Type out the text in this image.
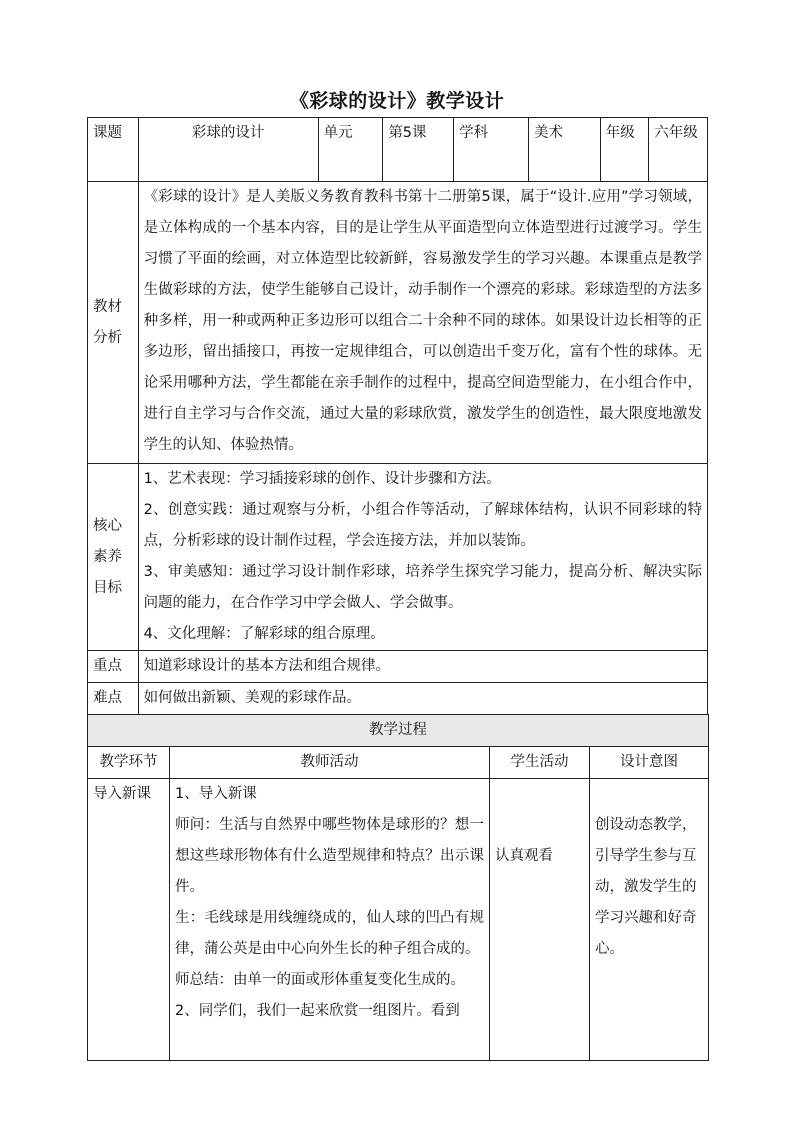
《彩球的设计》教学设计
课题	彩球的设计	单元	第5课	学科	美术	年级	六年级
教材分析	《彩球的设计》是人美版义务教育教科书第十二册第5课，属于“设计.应用”学习领域，是立体构成的一个基本内容，目的是让学生从平面造型向立体造型进行过渡学习。学生习惯了平面的绘画，对立体造型比较新鲜，容易激发学生的学习兴趣。本课重点是教学生做彩球的方法，使学生能够自己设计，动手制作一个漂亮的彩球。彩球造型的方法多种多样，用一种或两种正多边形可以组合二十余种不同的球体。如果设计边长相等的正多边形，留出插接口，再按一定规律组合，可以创造出千变万化，富有个性的球体。无论采用哪种方法，学生都能在亲手制作的过程中，提高空间造型能力，在小组合作中，进行自主学习与合作交流，通过大量的彩球欣赏，激发学生的创造性，最大限度地激发学生的认知、体验热情。						
核心素养目标	1、艺术表现：学习插接彩球的创作、设计步骤和方法。
2、创意实践：通过观察与分析，小组合作等活动，了解球体结构，认识不同彩球的特点，分析彩球的设计制作过程，学会连接方法，并加以装饰。
3、审美感知：通过学习设计制作彩球，培养学生探究学习能力，提高分析、解决实际问题的能力，在合作学习中学会做人、学会做事。
4、文化理解：了解彩球的组合原理。						

重点	知道彩球设计的基本方法和组合规律。						
难点	如何做出新颖、美观的彩球作品。						
教学过程			
教学环节	教师活动	学生活动	设计意图
导入新课	1、导入新课
师问：生活与自然界中哪些物体是球形的？想一想这些球形物体有什么造型规律和特点？出示课件。
生：毛线球是用线缠绕成的，仙人球的凹凸有规律，蒲公英是由中心向外生长的种子组合成的。
师总结：由单一的面或形体重复变化生成的。
2、同学们，我们一起来欣赏一组图片。看到	认真观看	创设动态教学，引导学生参与互动，激发学生的学习兴趣和好奇心。
